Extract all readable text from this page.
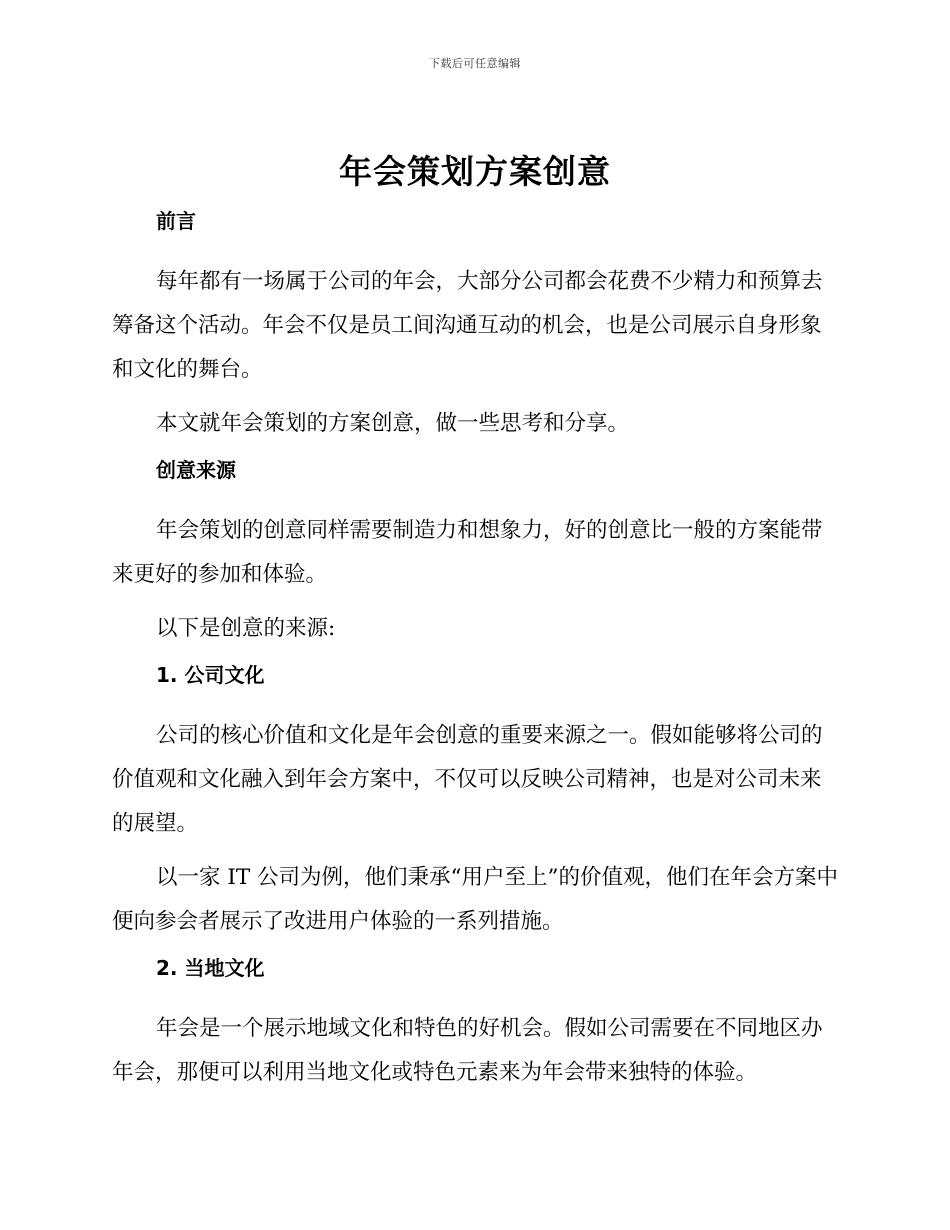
下载后可任意编辑
年会策划方案创意
前言

每年都有一场属于公司的年会，大部分公司都会花费不少精力和预算去筹备这个活动。年会不仅是员工间沟通互动的机会，也是公司展示自身形象和文化的舞台。

本文就年会策划的方案创意，做一些思考和分享。

创意来源

年会策划的创意同样需要制造力和想象力，好的创意比一般的方案能带来更好的参加和体验。

以下是创意的来源:

1. 公司文化

公司的核心价值和文化是年会创意的重要来源之一。假如能够将公司的价值观和文化融入到年会方案中，不仅可以反映公司精神，也是对公司未来的展望。

以一家 IT 公司为例，他们秉承“用户至上”的价值观，他们在年会方案中便向参会者展示了改进用户体验的一系列措施。

2. 当地文化

年会是一个展示地域文化和特色的好机会。假如公司需要在不同地区办年会，那便可以利用当地文化或特色元素来为年会带来独特的体验。
